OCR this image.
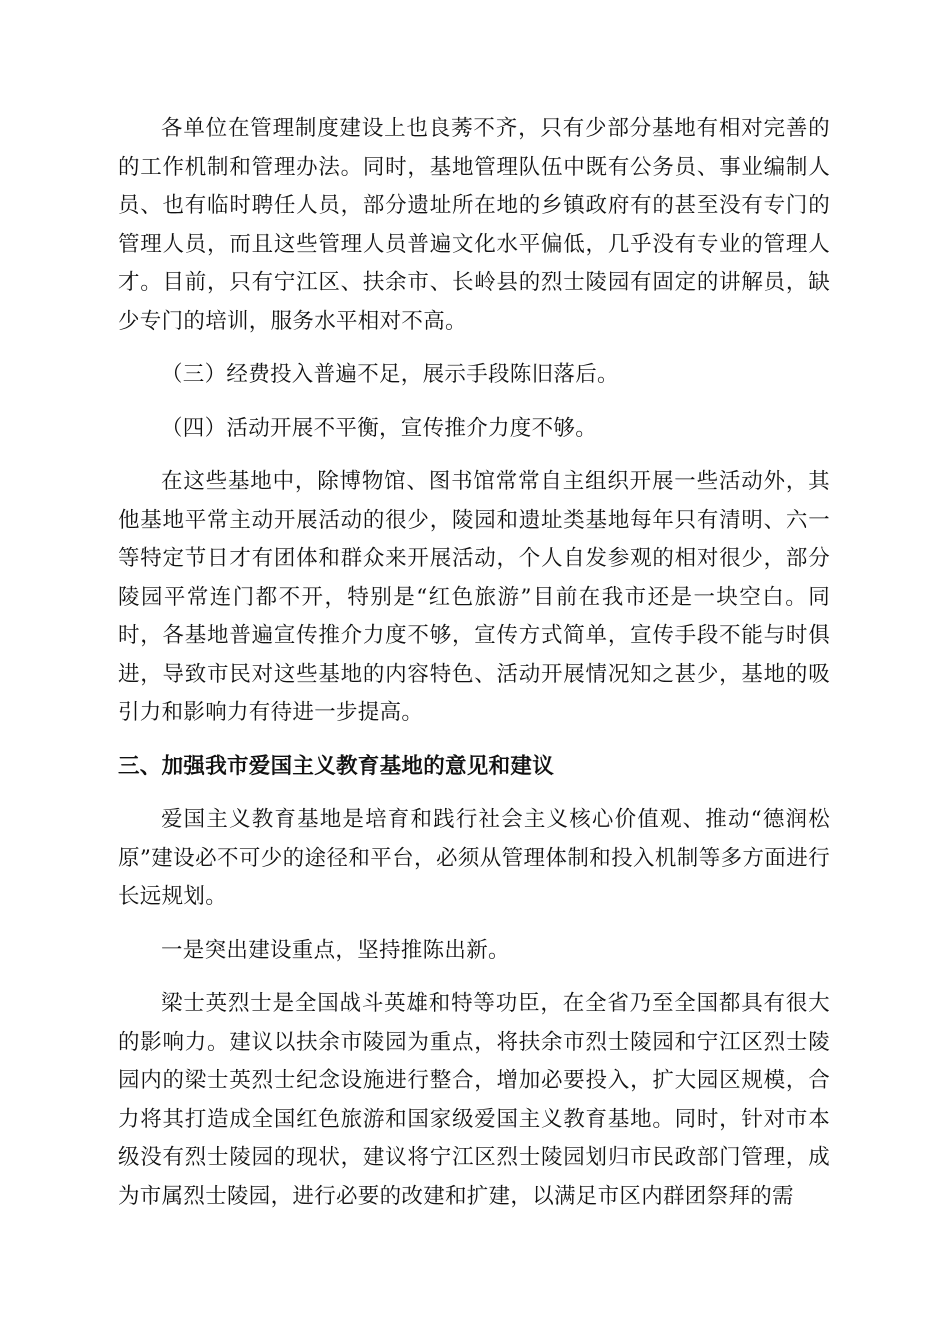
各单位在管理制度建设上也良莠不齐，只有少部分基地有相对完善的的工作机制和管理办法。同时，基地管理队伍中既有公务员、事业编制人员、也有临时聘任人员，部分遗址所在地的乡镇政府有的甚至没有专门的管理人员，而且这些管理人员普遍文化水平偏低，几乎没有专业的管理人才。目前，只有宁江区、扶余市、长岭县的烈士陵园有固定的讲解员，缺少专门的培训，服务水平相对不高。

（三）经费投入普遍不足，展示手段陈旧落后。

（四）活动开展不平衡，宣传推介力度不够。

在这些基地中，除博物馆、图书馆常常自主组织开展一些活动外，其他基地平常主动开展活动的很少，陵园和遗址类基地每年只有清明、六一等特定节日才有团体和群众来开展活动，个人自发参观的相对很少，部分陵园平常连门都不开，特别是“红色旅游”目前在我市还是一块空白。同时，各基地普遍宣传推介力度不够，宣传方式简单，宣传手段不能与时俱进，导致市民对这些基地的内容特色、活动开展情况知之甚少，基地的吸引力和影响力有待进一步提高。

三、加强我市爱国主义教育基地的意见和建议

爱国主义教育基地是培育和践行社会主义核心价值观、推动“德润松原”建设必不可少的途径和平台，必须从管理体制和投入机制等多方面进行长远规划。

一是突出建设重点，坚持推陈出新。

梁士英烈士是全国战斗英雄和特等功臣，在全省乃至全国都具有很大的影响力。建议以扶余市陵园为重点，将扶余市烈士陵园和宁江区烈士陵园内的梁士英烈士纪念设施进行整合，增加必要投入，扩大园区规模，合力将其打造成全国红色旅游和国家级爱国主义教育基地。同时，针对市本级没有烈士陵园的现状，建议将宁江区烈士陵园划归市民政部门管理，成为市属烈士陵园，进行必要的改建和扩建，以满足市区内群团祭拜的需
